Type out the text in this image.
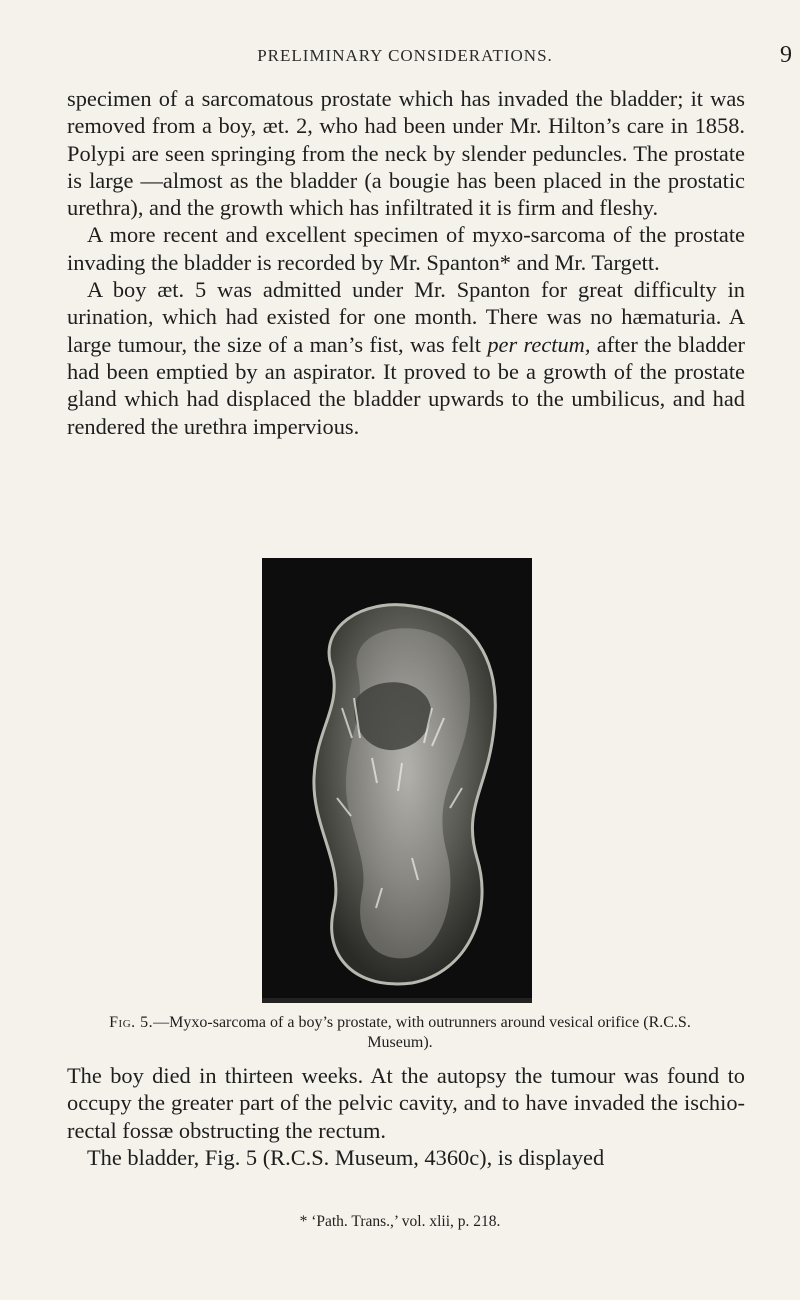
PRELIMINARY CONSIDERATIONS.	9

specimen of a sarcomatous prostate which has invaded the bladder; it was removed from a boy, æt. 2, who had been under Mr. Hilton’s care in 1858. Polypi are seen springing from the neck by slender peduncles. The prostate is large —almost as the bladder (a bougie has been placed in the prostatic urethra), and the growth which has infiltrated it is firm and fleshy.

A more recent and excellent specimen of myxo-sarcoma of the prostate invading the bladder is recorded by Mr. Spanton* and Mr. Targett.

A boy æt. 5 was admitted under Mr. Spanton for great difficulty in urination, which had existed for one month. There was no hæmaturia. A large tumour, the size of a man’s fist, was felt per rectum, after the bladder had been emptied by an aspirator. It proved to be a growth of the prostate gland which had displaced the bladder upwards to the umbilicus, and had rendered the urethra impervious.

Fig. 5.—Myxo-sarcoma of a boy’s prostate, with outrunners around vesical orifice (R.C.S. Museum).

The boy died in thirteen weeks. At the autopsy the tumour was found to occupy the greater part of the pelvic cavity, and to have invaded the ischio-rectal fossæ obstructing the rectum.

The bladder, Fig. 5 (R.C.S. Museum, 4360c), is displayed

* ‘Path. Trans.,’ vol. xlii, p. 218.
